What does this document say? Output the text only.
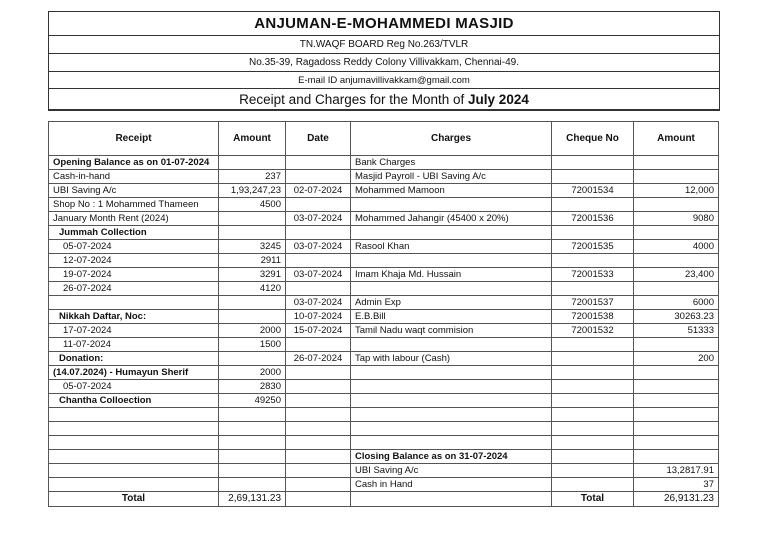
ANJUMAN-E-MOHAMMEDI MASJID
TN.WAQF BOARD Reg No.263/TVLR
No.35-39, Ragadoss Reddy Colony Villivakkam, Chennai-49.
E-mail ID anjumavillivakkam@gmail.com
Receipt and Charges for the Month of July 2024
Receipt	Amount	Date	Charges	Cheque No	Amount
Opening Balance as on 01-07-2024			Bank Charges		
Cash-in-hand	237		Masjid Payroll - UBI Saving A/c		
UBI Saving A/c	1,93,247,23	02-07-2024	Mohammed Mamoon	72001534	12,000
Shop No : 1 Mohammed Thameen	4500				
January Month Rent (2024)		03-07-2024	Mohammed Jahangir (45400 x 20%)	72001536	9080
Jummah Collection					
05-07-2024	3245	03-07-2024	Rasool Khan	72001535	4000
12-07-2024	2911				
19-07-2024	3291	03-07-2024	Imam Khaja Md. Hussain	72001533	23,400
26-07-2024	4120				
		03-07-2024	Admin Exp	72001537	6000
Nikkah Daftar, Noc:		10-07-2024	E.B.Bill	72001538	30263.23
17-07-2024	2000	15-07-2024	Tamil Nadu waqt commision	72001532	51333
11-07-2024	1500				
Donation:		26-07-2024	Tap with labour (Cash)		200
(14.07.2024) - Humayun Sherif	2000				
05-07-2024	2830				
Chantha Colloection	49250				

			Closing Balance as on 31-07-2024		
			UBI Saving A/c		13,2817.91
			Cash in Hand		37
Total	2,69,131.23			Total	26,9131.23
